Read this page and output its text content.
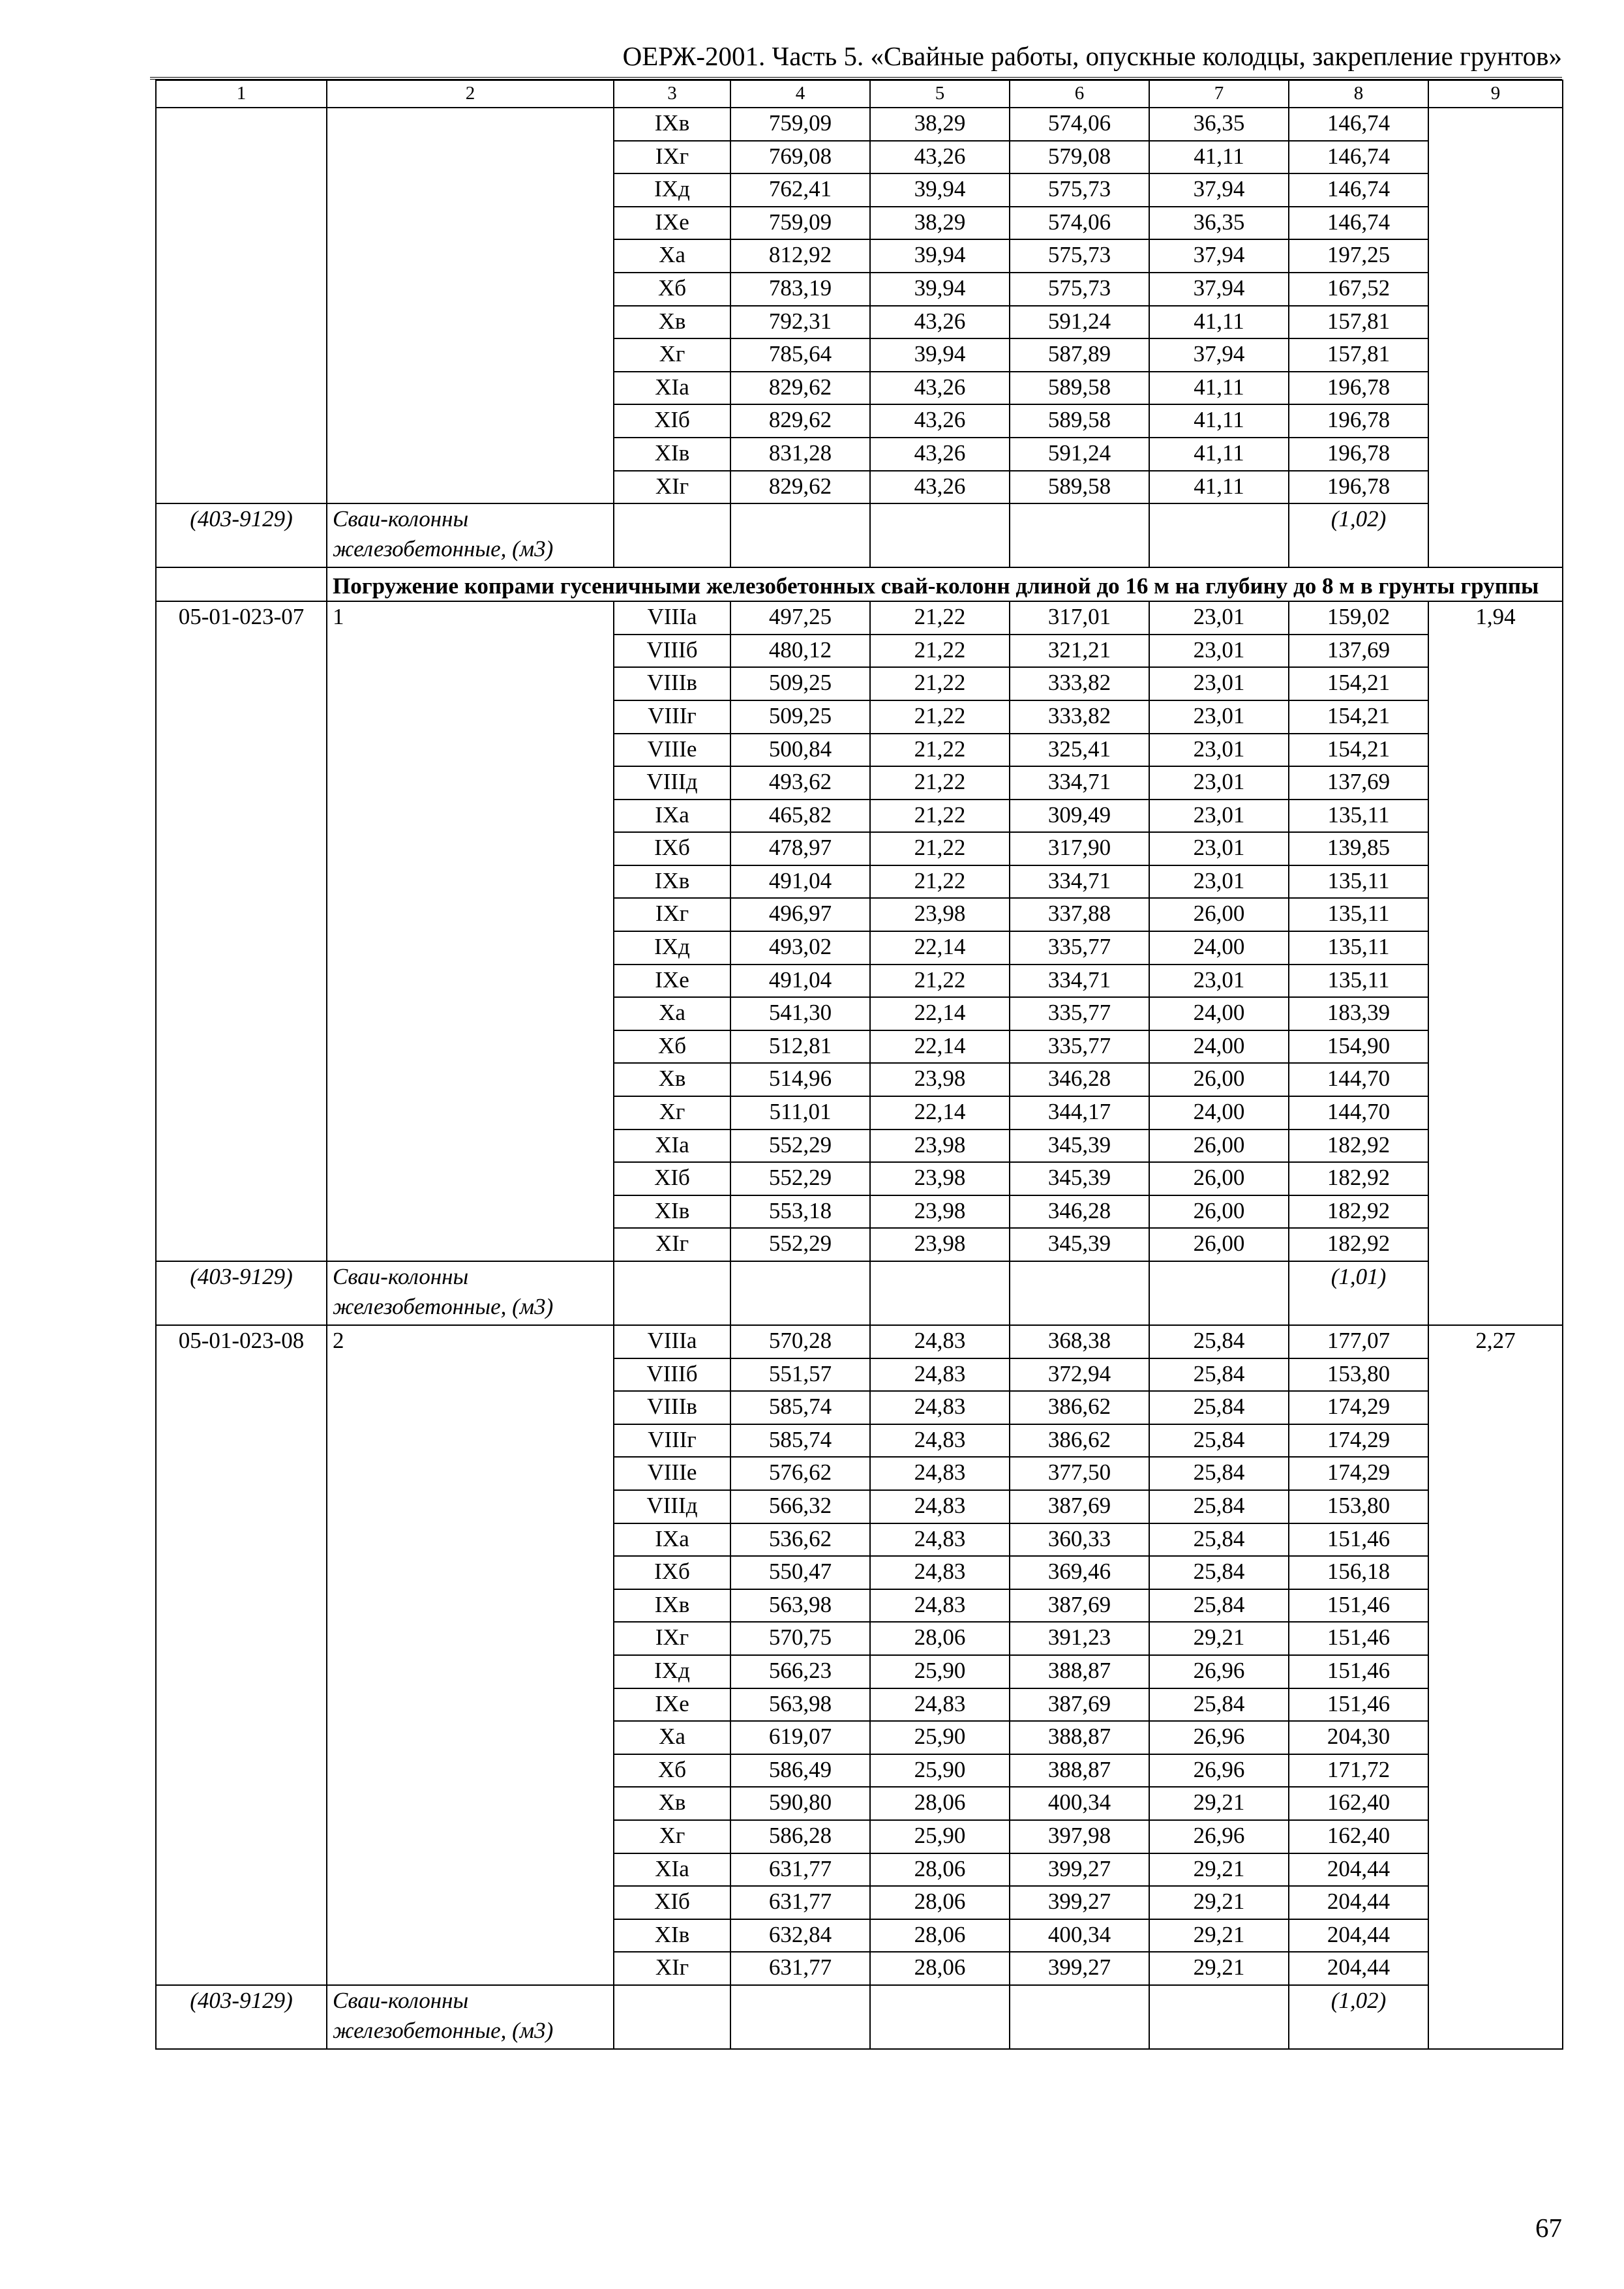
ОЕРЖ-2001. Часть 5. «Свайные работы, опускные колодцы, закрепление грунтов»
1	2	3	4	5	6	7	8	9
		IXв	759,09	38,29	574,06	36,35	146,74	
		IXг	769,08	43,26	579,08	41,11	146,74	
		IXд	762,41	39,94	575,73	37,94	146,74	
		IXе	759,09	38,29	574,06	36,35	146,74	
		Xа	812,92	39,94	575,73	37,94	197,25	
		Xб	783,19	39,94	575,73	37,94	167,52	
		Xв	792,31	43,26	591,24	41,11	157,81	
		Xг	785,64	39,94	587,89	37,94	157,81	
		XIа	829,62	43,26	589,58	41,11	196,78	
		XIб	829,62	43,26	589,58	41,11	196,78	
		XIв	831,28	43,26	591,24	41,11	196,78	
		XIг	829,62	43,26	589,58	41,11	196,78	
(403-9129)	Сваи-колонны железобетонные, (м3)						(1,02)	
	Погружение копрами гусеничными железобетонных свай-колонн длиной до 16 м на глубину до 8 м в грунты группы							
05-01-023-07	1	VIIIа	497,25	21,22	317,01	23,01	159,02	1,94
		VIIIб	480,12	21,22	321,21	23,01	137,69	
		VIIIв	509,25	21,22	333,82	23,01	154,21	
		VIIIг	509,25	21,22	333,82	23,01	154,21	
		VIIIе	500,84	21,22	325,41	23,01	154,21	
		VIIIд	493,62	21,22	334,71	23,01	137,69	
		IXа	465,82	21,22	309,49	23,01	135,11	
		IXб	478,97	21,22	317,90	23,01	139,85	
		IXв	491,04	21,22	334,71	23,01	135,11	
		IXг	496,97	23,98	337,88	26,00	135,11	
		IXд	493,02	22,14	335,77	24,00	135,11	
		IXе	491,04	21,22	334,71	23,01	135,11	
		Xа	541,30	22,14	335,77	24,00	183,39	
		Xб	512,81	22,14	335,77	24,00	154,90	
		Xв	514,96	23,98	346,28	26,00	144,70	
		Xг	511,01	22,14	344,17	24,00	144,70	
		XIа	552,29	23,98	345,39	26,00	182,92	
		XIб	552,29	23,98	345,39	26,00	182,92	
		XIв	553,18	23,98	346,28	26,00	182,92	
		XIг	552,29	23,98	345,39	26,00	182,92	
(403-9129)	Сваи-колонны железобетонные, (м3)						(1,01)	
05-01-023-08	2	VIIIа	570,28	24,83	368,38	25,84	177,07	2,27
		VIIIб	551,57	24,83	372,94	25,84	153,80	
		VIIIв	585,74	24,83	386,62	25,84	174,29	
		VIIIг	585,74	24,83	386,62	25,84	174,29	
		VIIIе	576,62	24,83	377,50	25,84	174,29	
		VIIIд	566,32	24,83	387,69	25,84	153,80	
		IXа	536,62	24,83	360,33	25,84	151,46	
		IXб	550,47	24,83	369,46	25,84	156,18	
		IXв	563,98	24,83	387,69	25,84	151,46	
		IXг	570,75	28,06	391,23	29,21	151,46	
		IXд	566,23	25,90	388,87	26,96	151,46	
		IXе	563,98	24,83	387,69	25,84	151,46	
		Xа	619,07	25,90	388,87	26,96	204,30	
		Xб	586,49	25,90	388,87	26,96	171,72	
		Xв	590,80	28,06	400,34	29,21	162,40	
		Xг	586,28	25,90	397,98	26,96	162,40	
		XIа	631,77	28,06	399,27	29,21	204,44	
		XIб	631,77	28,06	399,27	29,21	204,44	
		XIв	632,84	28,06	400,34	29,21	204,44	
		XIг	631,77	28,06	399,27	29,21	204,44	
(403-9129)	Сваи-колонны железобетонные, (м3)						(1,02)	
67
